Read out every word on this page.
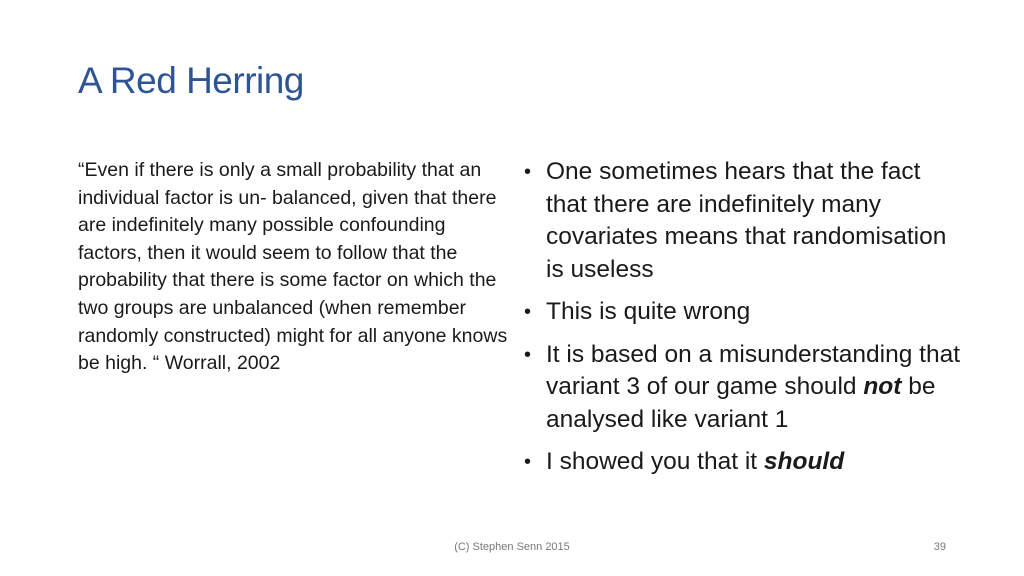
A Red Herring

“Even if there is only a small probability that an individual factor is un- balanced, given that there are indefinitely many possible confounding factors, then it would seem to follow that the probability that there is some factor on which the two groups are unbalanced (when remember randomly constructed) might for all anyone knows be high. “ Worrall, 2002

• One sometimes hears that the fact that there are indefinitely many covariates means that randomisation is useless
• This is quite wrong
• It is based on a misunderstanding that variant 3 of our game should not be analysed like variant 1
• I showed you that it should
(C) Stephen Senn 2015	39
